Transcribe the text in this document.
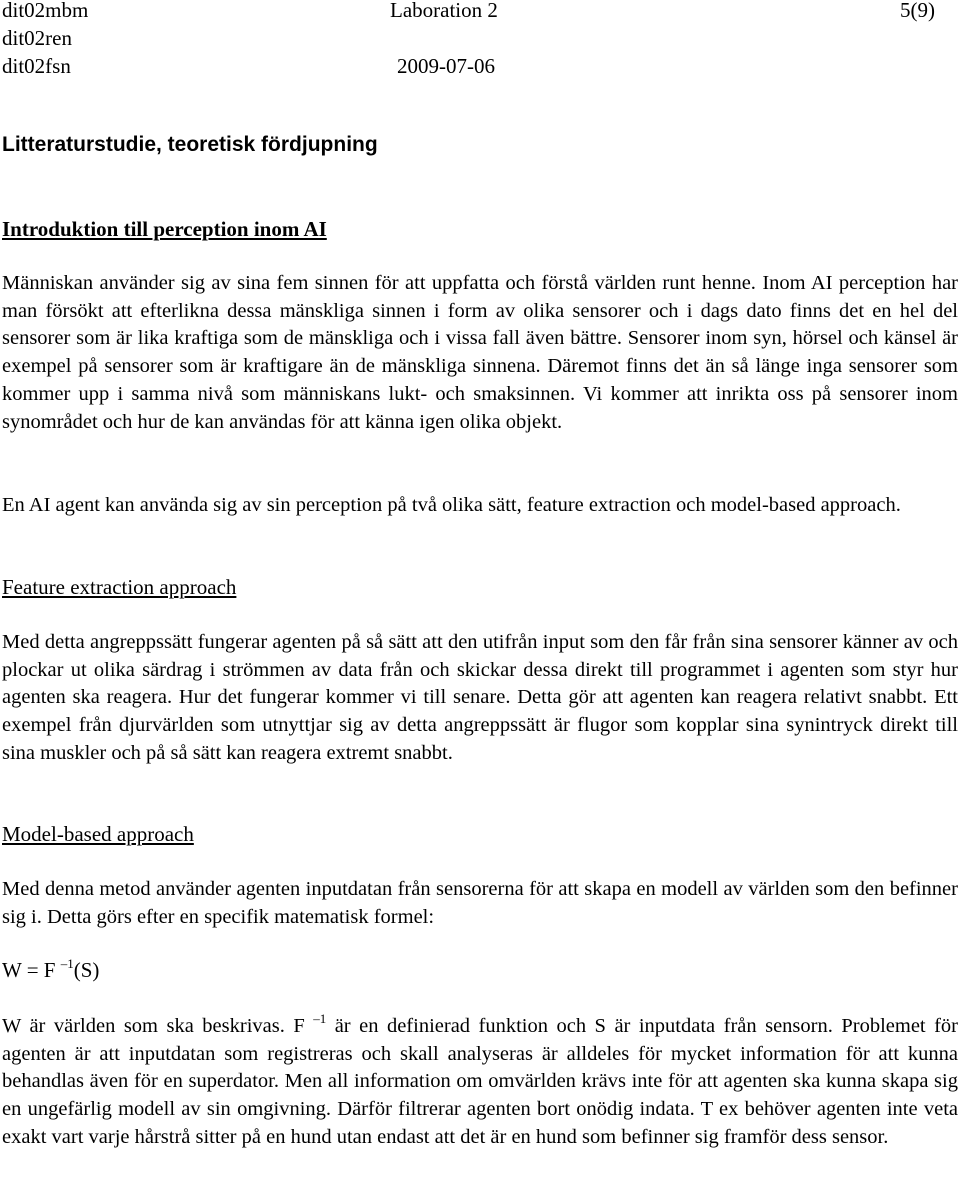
dit02mbm
dit02ren
dit02fsn
Laboration 2
2009-07-06
5(9)
Litteraturstudie, teoretisk fördjupning
Introduktion till perception inom AI

Människan använder sig av sina fem sinnen för att uppfatta och förstå världen runt henne. Inom AI perception har man försökt att efterlikna dessa mänskliga sinnen i form av olika sensorer och i dags dato finns det en hel del sensorer som är lika kraftiga som de mänskliga och i vissa fall även bättre. Sensorer inom syn, hörsel och känsel är exempel på sensorer som är kraftigare än de mänskliga sinnena. Däremot finns det än så länge inga sensorer som kommer upp i samma nivå som människans lukt- och smaksinnen. Vi kommer att inrikta oss på sensorer inom synområdet och hur de kan användas för att känna igen olika objekt.

En AI agent kan använda sig av sin perception på två olika sätt, feature extraction och model-based approach.

Feature extraction approach

Med detta angreppssätt fungerar agenten på så sätt att den utifrån input som den får från sina sensorer känner av och plockar ut olika särdrag i strömmen av data från och skickar dessa direkt till programmet i agenten som styr hur agenten ska reagera. Hur det fungerar kommer vi till senare. Detta gör att agenten kan reagera relativt snabbt. Ett exempel från djurvärlden som utnyttjar sig av detta angreppssätt är flugor som kopplar sina synintryck direkt till sina muskler och på så sätt kan reagera extremt snabbt.

Model-based approach

Med denna metod använder agenten inputdatan från sensorerna för att skapa en modell av världen som den befinner sig i. Detta görs efter en specifik matematisk formel:

W = F $^{-1}$(S)

W är världen som ska beskrivas. F $^{-1}$ är en definierad funktion och S är inputdata från sensorn. Problemet för agenten är att inputdatan som registreras och skall analyseras är alldeles för mycket information för att kunna behandlas även för en superdator. Men all information om omvärlden krävs inte för att agenten ska kunna skapa sig en ungefärlig modell av sin omgivning. Därför filtrerar agenten bort onödig indata. T ex behöver agenten inte veta exakt vart varje hårstrå sitter på en hund utan endast att det är en hund som befinner sig framför dess sensor.
